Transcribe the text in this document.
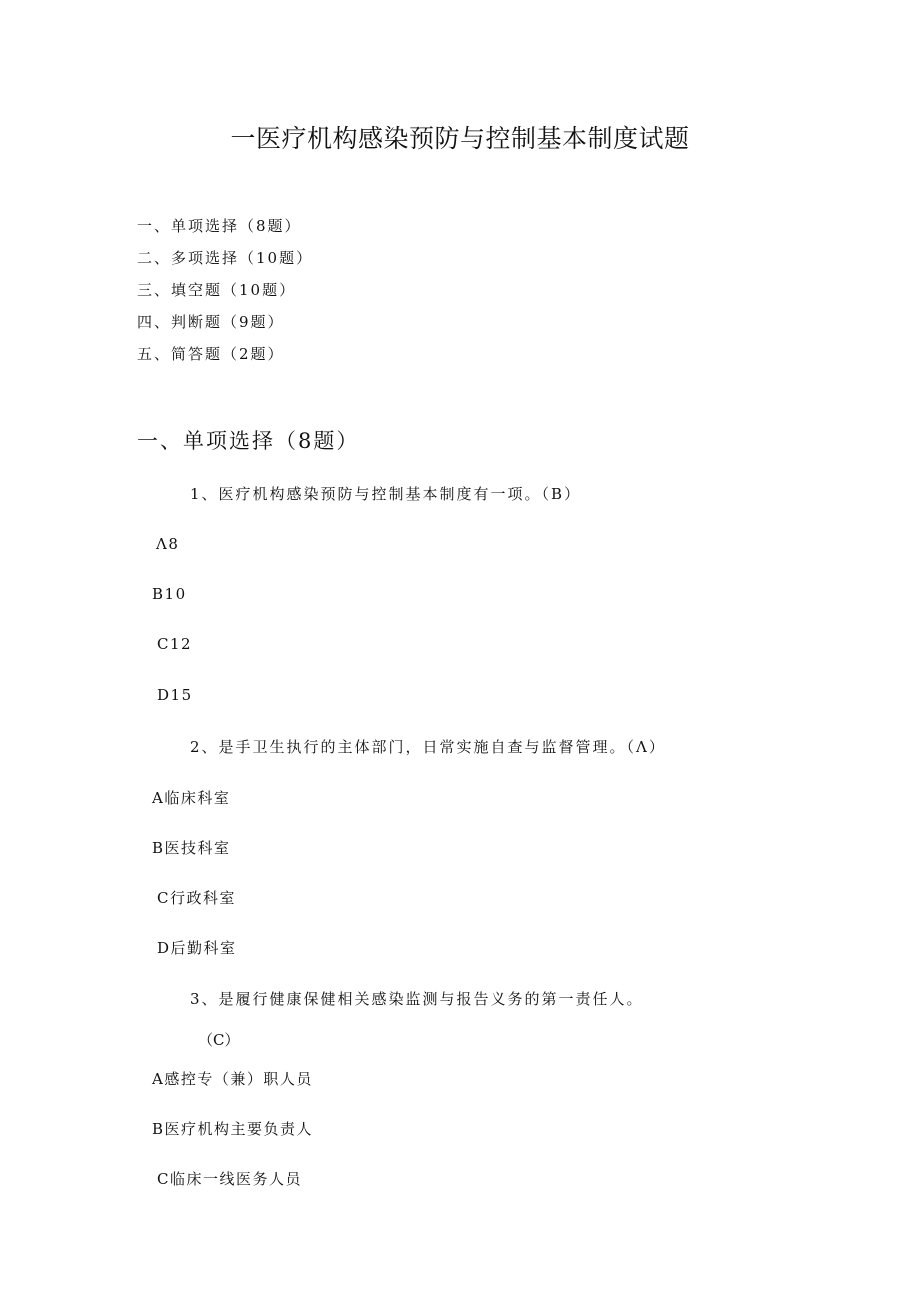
一医疗机构感染预防与控制基本制度试题
一、单项选择（8题）
二、多项选择（10题）
三、填空题（10题）
四、判断题（9题）
五、简答题（2题）
一、单项选择（8题）
1、医疗机构感染预防与控制基本制度有一项。（B）
Λ8
B10
C12
D15
2、是手卫生执行的主体部门，日常实施自查与监督管理。（Λ）
A临床科室
B医技科室
C行政科室
D后勤科室
3、是履行健康保健相关感染监测与报告义务的第一责任人。
（C）
A感控专（兼）职人员
B医疗机构主要负责人
C临床一线医务人员
